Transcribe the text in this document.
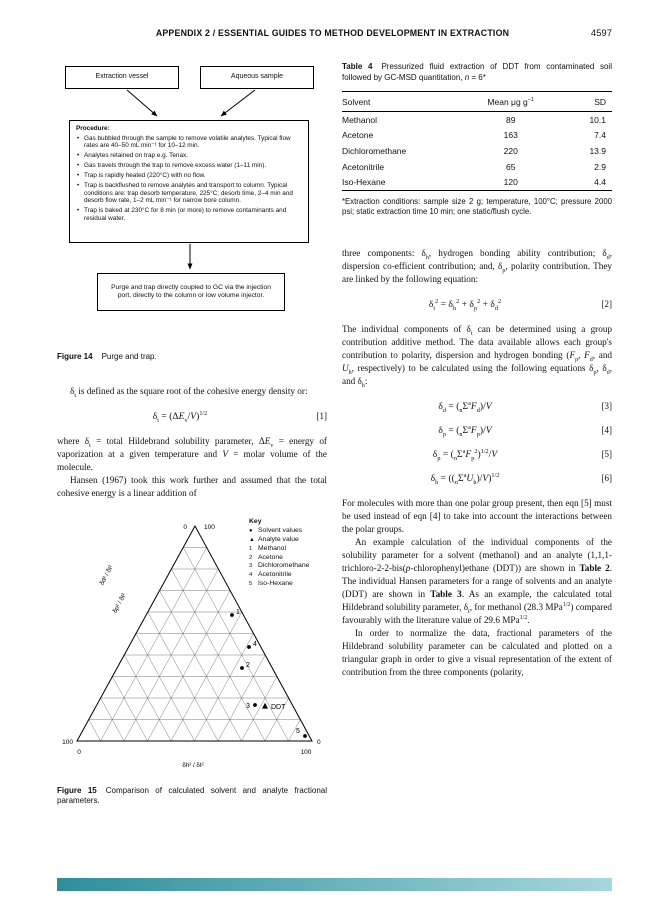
APPENDIX 2 / ESSENTIAL GUIDES TO METHOD DEVELOPMENT IN EXTRACTION	4597
Extraction vessel	Aqueous sample
Procedure:
• Gas bubbled through the sample to remove volatile analytes. Typical flow rates are 40–50 mL min⁻¹ for 10–12 min.
• Analytes retained on trap e.g. Tenax.
• Gas travels through the trap to remove excess water (1–11 min).
• Trap is rapidly heated (220°C) with no flow.
• Trap is backflushed to remove analytes and transport to column. Typical conditions are: trap desorb temperature, 225°C; desorb time, 2–4 min and desorb flow rate, 1–2 mL min⁻¹ for narrow bore column.
• Trap is baked at 230°C for 8 min (or more) to remove contaminants and residual water.
Purge and trap directly coupled to GC via the injection port, directly to the column or low volume injector.
Figure 14 Purge and trap.
$\delta_t$ is defined as the square root of the cohesive energy density or:
$\delta_t = (\Delta E_v/V)^{1/2}$	[1]
where $\delta_t$ = total Hildebrand solubility parameter, $\Delta E_v$ = energy of vaporization at a given temperature and V = molar volume of the molecule.
Hansen (1967) took this work further and assumed that the total cohesive energy is a linear addition of
0	100
100
0	100
0
δd² / δt²
δp² / δt²
δh² / δt²
1
4
2
3	DDT
5
Key
● Solvent values
▲ Analyte value
1 Methanol
2 Acetone
3 Dichloromethane
4 Acetonitrile
5 Iso-Hexane
Figure 15 Comparison of calculated solvent and analyte fractional parameters.
Table 4 Pressurized fluid extraction of DDT from contaminated soil followed by GC-MSD quantitation, n = 6*
Solvent	Mean μg $g^{-1}$	SD
Methanol	89	10.1
Acetone	163	7.4
Dichloromethane	220	13.9
Acetonitrile	65	2.9
Iso-Hexane	120	4.4
*Extraction conditions: sample size 2 g; temperature, 100°C; pressure 2000 psi; static extraction time 10 min; one static/flush cycle.
three components: $\delta_h$, hydrogen bonding ability contribution; $\delta_d$, dispersion co-efficient contribution; and, $\delta_p$, polarity contribution. They are linked by the following equation:
$\delta_t^2 = \delta_h^2 + \delta_p^2 + \delta_d^2$	[2]
The individual components of $\delta_t$ can be determined using a group contribution additive method. The data available allows each group's contribution to polarity, dispersion and hydrogen bonding ($F_p$, $F_d$, and $U_h$, respectively) to be calculated using the following equations $\delta_p$, $\delta_d$, and $\delta_h$:
$\delta_d = (_n\Sigma^aF_d)/V$	[3]
$\delta_p = (_n\Sigma^aF_p)/V$	[4]
$\delta_p = (_n\Sigma^aF_p^2)^{1/2}/V$	[5]
$\delta_h = ((_n\Sigma^aU_h)/V)^{1/2}$	[6]
For molecules with more than one polar group present, then eqn [5] must be used instead of eqn [4] to take into account the interactions between the polar groups.
An example calculation of the individual components of the solubility parameter for a solvent (methanol) and an analyte (1,1,1-trichloro-2-2-bis(p-chlorophenyl)ethane (DDT)) are shown in Table 2. The individual Hansen parameters for a range of solvents and an analyte (DDT) are shown in Table 3. As an example, the calculated total Hildebrand solubility parameter, $\delta_t$, for methanol (28.3 MPa$^{1/2}$) compared favourably with the literature value of 29.6 MPa$^{1/2}$.
In order to normalize the data, fractional parameters of the Hildebrand solubility parameter can be calculated and plotted on a triangular graph in order to give a visual representation of the extent of contribution from the three components (polarity,
